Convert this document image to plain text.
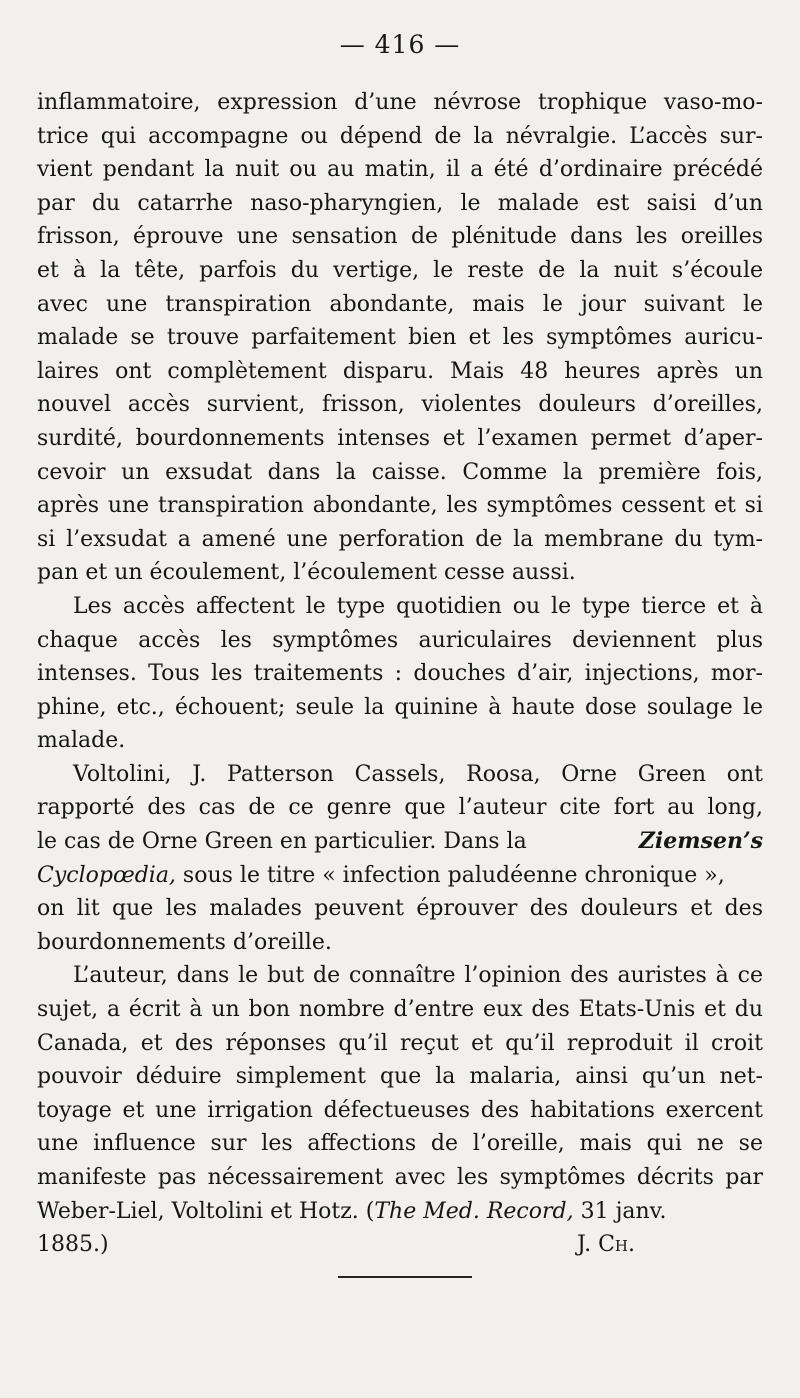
— 416 —
inflammatoire, expression d’une névrose trophique vaso-mo-
trice qui accompagne ou dépend de la névralgie. L’accès sur-
vient pendant la nuit ou au matin, il a été d’ordinaire précédé
par du catarrhe naso-pharyngien, le malade est saisi d’un
frisson, éprouve une sensation de plénitude dans les oreilles
et à la tête, parfois du vertige, le reste de la nuit s’écoule
avec une transpiration abondante, mais le jour suivant le
malade se trouve parfaitement bien et les symptômes auricu-
laires ont complètement disparu. Mais 48 heures après un
nouvel accès survient, frisson, violentes douleurs d’oreilles,
surdité, bourdonnements intenses et l’examen permet d’aper-
cevoir un exsudat dans la caisse. Comme la première fois,
après une transpiration abondante, les symptômes cessent et si
si l’exsudat a amené une perforation de la membrane du tym-
pan et un écoulement, l’écoulement cesse aussi.
Les accès affectent le type quotidien ou le type tierce et à
chaque accès les symptômes auriculaires deviennent plus
intenses. Tous les traitements : douches d’air, injections, mor-
phine, etc., échouent; seule la quinine à haute dose soulage le
malade.
Voltolini, J. Patterson Cassels, Roosa, Orne Green ont
rapporté des cas de ce genre que l’auteur cite fort au long,
le cas de Orne Green en particulier. Dans la	Ziemsen’s
Cyclopœdia, sous le titre « infection paludéenne chronique »,
on lit que les malades peuvent éprouver des douleurs et des
bourdonnements d’oreille.
L’auteur, dans le but de connaître l’opinion des auristes à ce
sujet, a écrit à un bon nombre d’entre eux des Etats-Unis et du
Canada, et des réponses qu’il reçut et qu’il reproduit il croit
pouvoir déduire simplement que la malaria, ainsi qu’un net-
toyage et une irrigation défectueuses des habitations exercent
une influence sur les affections de l’oreille, mais qui ne se
manifeste pas nécessairement avec les symptômes décrits par
Weber-Liel, Voltolini et Hotz. (The Med. Record, 31 janv.
1885.)	J. Ch.
